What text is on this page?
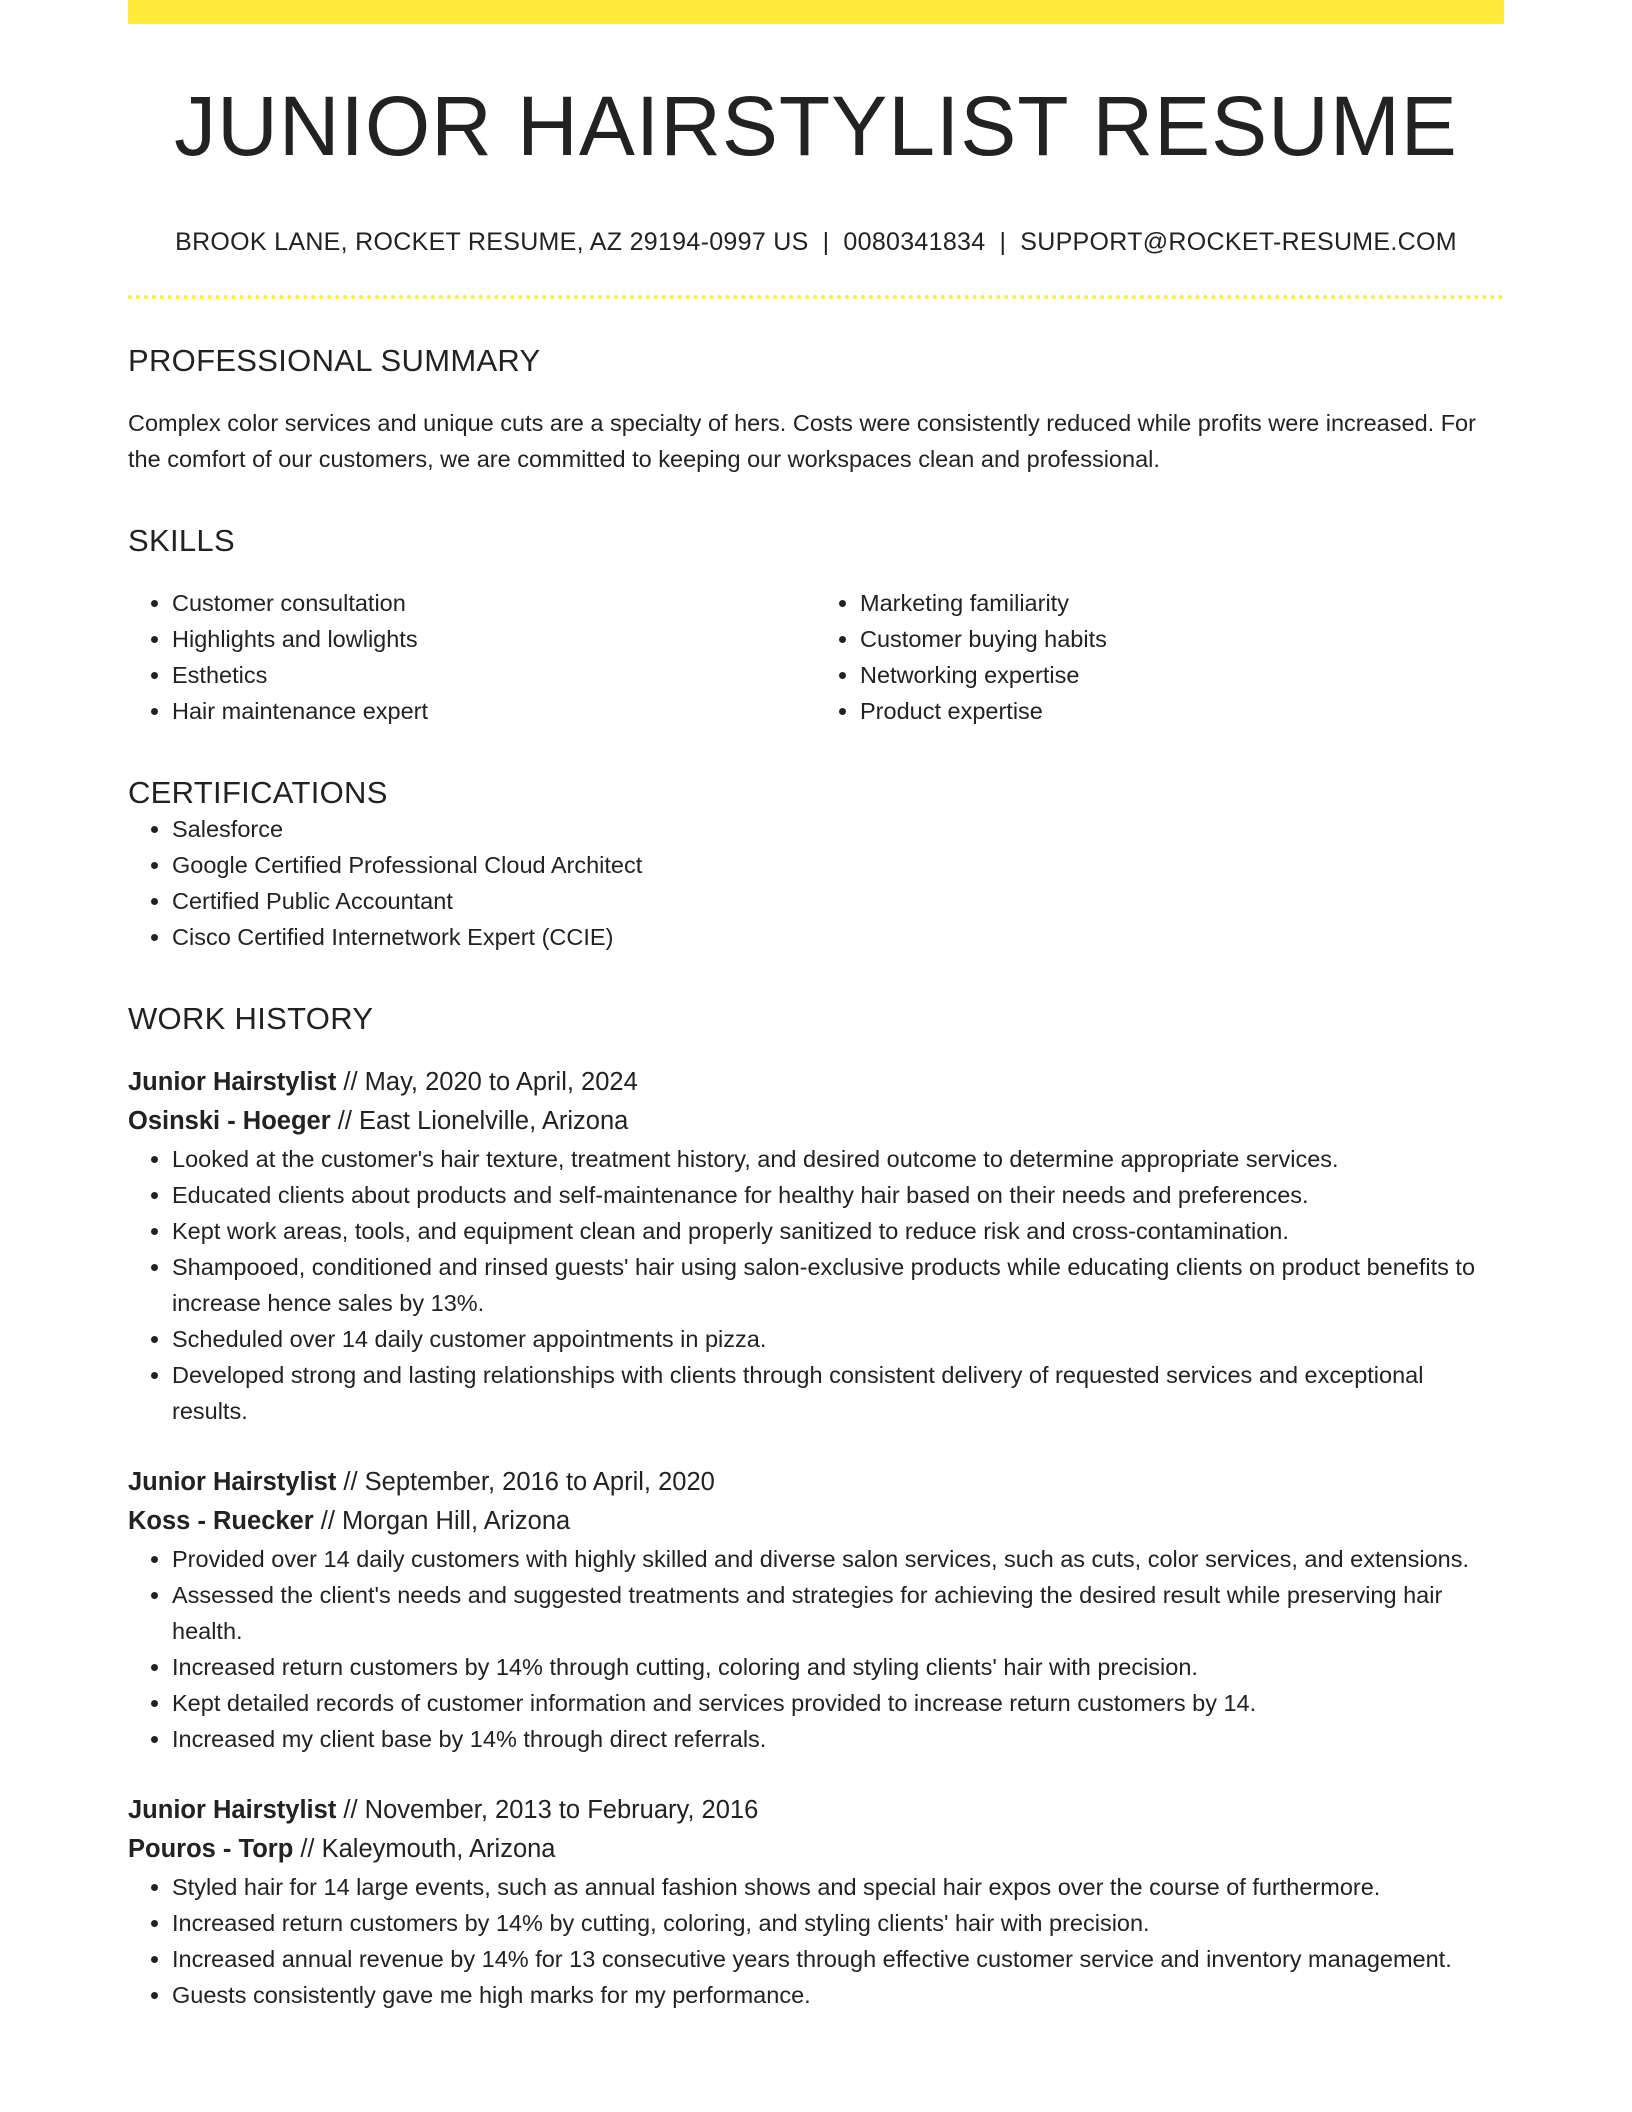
JUNIOR HAIRSTYLIST RESUME
BROOK LANE, ROCKET RESUME, AZ 29194-0997 US | 0080341834 | SUPPORT@ROCKET-RESUME.COM
PROFESSIONAL SUMMARY

Complex color services and unique cuts are a specialty of hers. Costs were consistently reduced while profits were increased. For the comfort of our customers, we are committed to keeping our workspaces clean and professional.

SKILLS
• Customer consultation
• Highlights and lowlights
• Esthetics
• Hair maintenance expert
• Marketing familiarity
• Customer buying habits
• Networking expertise
• Product expertise
CERTIFICATIONS
• Salesforce
• Google Certified Professional Cloud Architect
• Certified Public Accountant
• Cisco Certified Internetwork Expert (CCIE)
WORK HISTORY
Junior Hairstylist // May, 2020 to April, 2024
Osinski - Hoeger // East Lionelville, Arizona
• Looked at the customer's hair texture, treatment history, and desired outcome to determine appropriate services.
• Educated clients about products and self-maintenance for healthy hair based on their needs and preferences.
• Kept work areas, tools, and equipment clean and properly sanitized to reduce risk and cross-contamination.
• Shampooed, conditioned and rinsed guests' hair using salon-exclusive products while educating clients on product benefits to increase hence sales by 13%.
• Scheduled over 14 daily customer appointments in pizza.
• Developed strong and lasting relationships with clients through consistent delivery of requested services and exceptional results.
Junior Hairstylist // September, 2016 to April, 2020
Koss - Ruecker // Morgan Hill, Arizona
• Provided over 14 daily customers with highly skilled and diverse salon services, such as cuts, color services, and extensions.
• Assessed the client's needs and suggested treatments and strategies for achieving the desired result while preserving hair health.
• Increased return customers by 14% through cutting, coloring and styling clients' hair with precision.
• Kept detailed records of customer information and services provided to increase return customers by 14.
• Increased my client base by 14% through direct referrals.
Junior Hairstylist // November, 2013 to February, 2016
Pouros - Torp // Kaleymouth, Arizona
• Styled hair for 14 large events, such as annual fashion shows and special hair expos over the course of furthermore.
• Increased return customers by 14% by cutting, coloring, and styling clients' hair with precision.
• Increased annual revenue by 14% for 13 consecutive years through effective customer service and inventory management.
• Guests consistently gave me high marks for my performance.
